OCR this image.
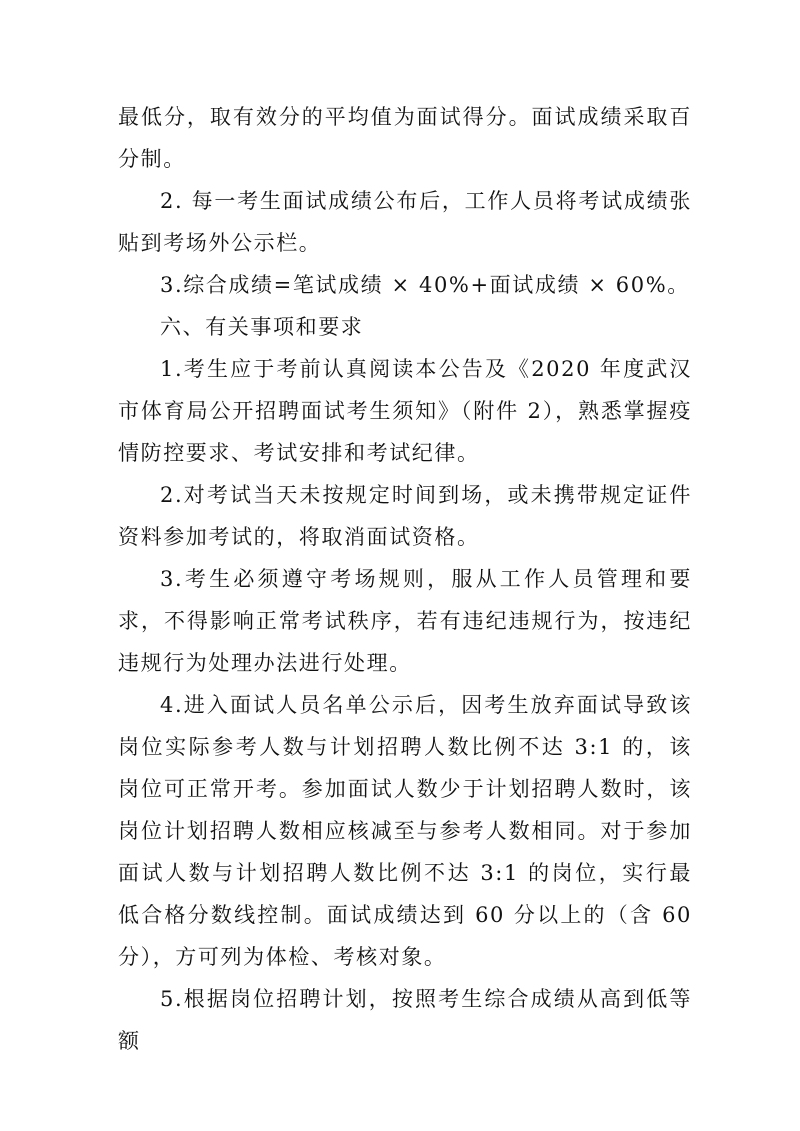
最低分，取有效分的平均值为面试得分。面试成绩采取百分制。

2. 每一考生面试成绩公布后，工作人员将考试成绩张贴到考场外公示栏。

3.综合成绩=笔试成绩 × 40%+面试成绩 × 60%。

六、有关事项和要求

1.考生应于考前认真阅读本公告及《2020 年度武汉市体育局公开招聘面试考生须知》（附件 2），熟悉掌握疫情防控要求、考试安排和考试纪律。

2.对考试当天未按规定时间到场，或未携带规定证件资料参加考试的，将取消面试资格。

3.考生必须遵守考场规则，服从工作人员管理和要求，不得影响正常考试秩序，若有违纪违规行为，按违纪违规行为处理办法进行处理。

4.进入面试人员名单公示后，因考生放弃面试导致该岗位实际参考人数与计划招聘人数比例不达 3:1 的，该岗位可正常开考。参加面试人数少于计划招聘人数时，该岗位计划招聘人数相应核减至与参考人数相同。对于参加面试人数与计划招聘人数比例不达 3:1 的岗位，实行最低合格分数线控制。面试成绩达到 60 分以上的（含 60 分），方可列为体检、考核对象。

5.根据岗位招聘计划，按照考生综合成绩从高到低等额
